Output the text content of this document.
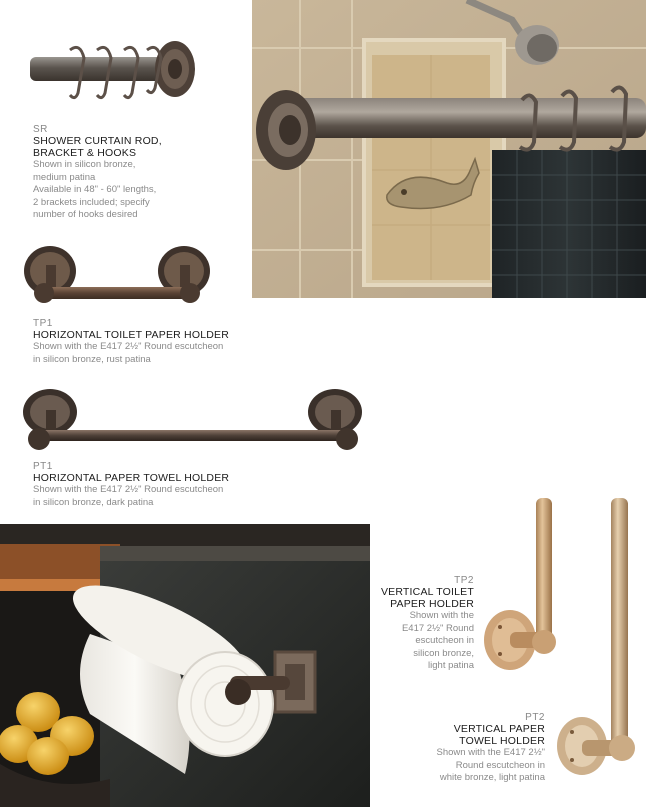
SR
SHOWER CURTAIN ROD,
BRACKET & HOOKS
Shown in silicon bronze,
medium patina
Available in 48" - 60" lengths,
2 brackets included; specify
number of hooks desired
TP1
HORIZONTAL TOILET PAPER HOLDER
Shown with the E417 2½" Round escutcheon
in silicon bronze, rust patina
PT1
HORIZONTAL PAPER TOWEL HOLDER
Shown with the E417 2½" Round escutcheon
in silicon bronze, dark patina
TP2
VERTICAL TOILET
PAPER HOLDER
Shown with the
E417 2½" Round
escutcheon in
silicon bronze,
light patina
PT2
VERTICAL PAPER
TOWEL HOLDER
Shown with the E417 2½"
Round escutcheon in
white bronze, light patina
